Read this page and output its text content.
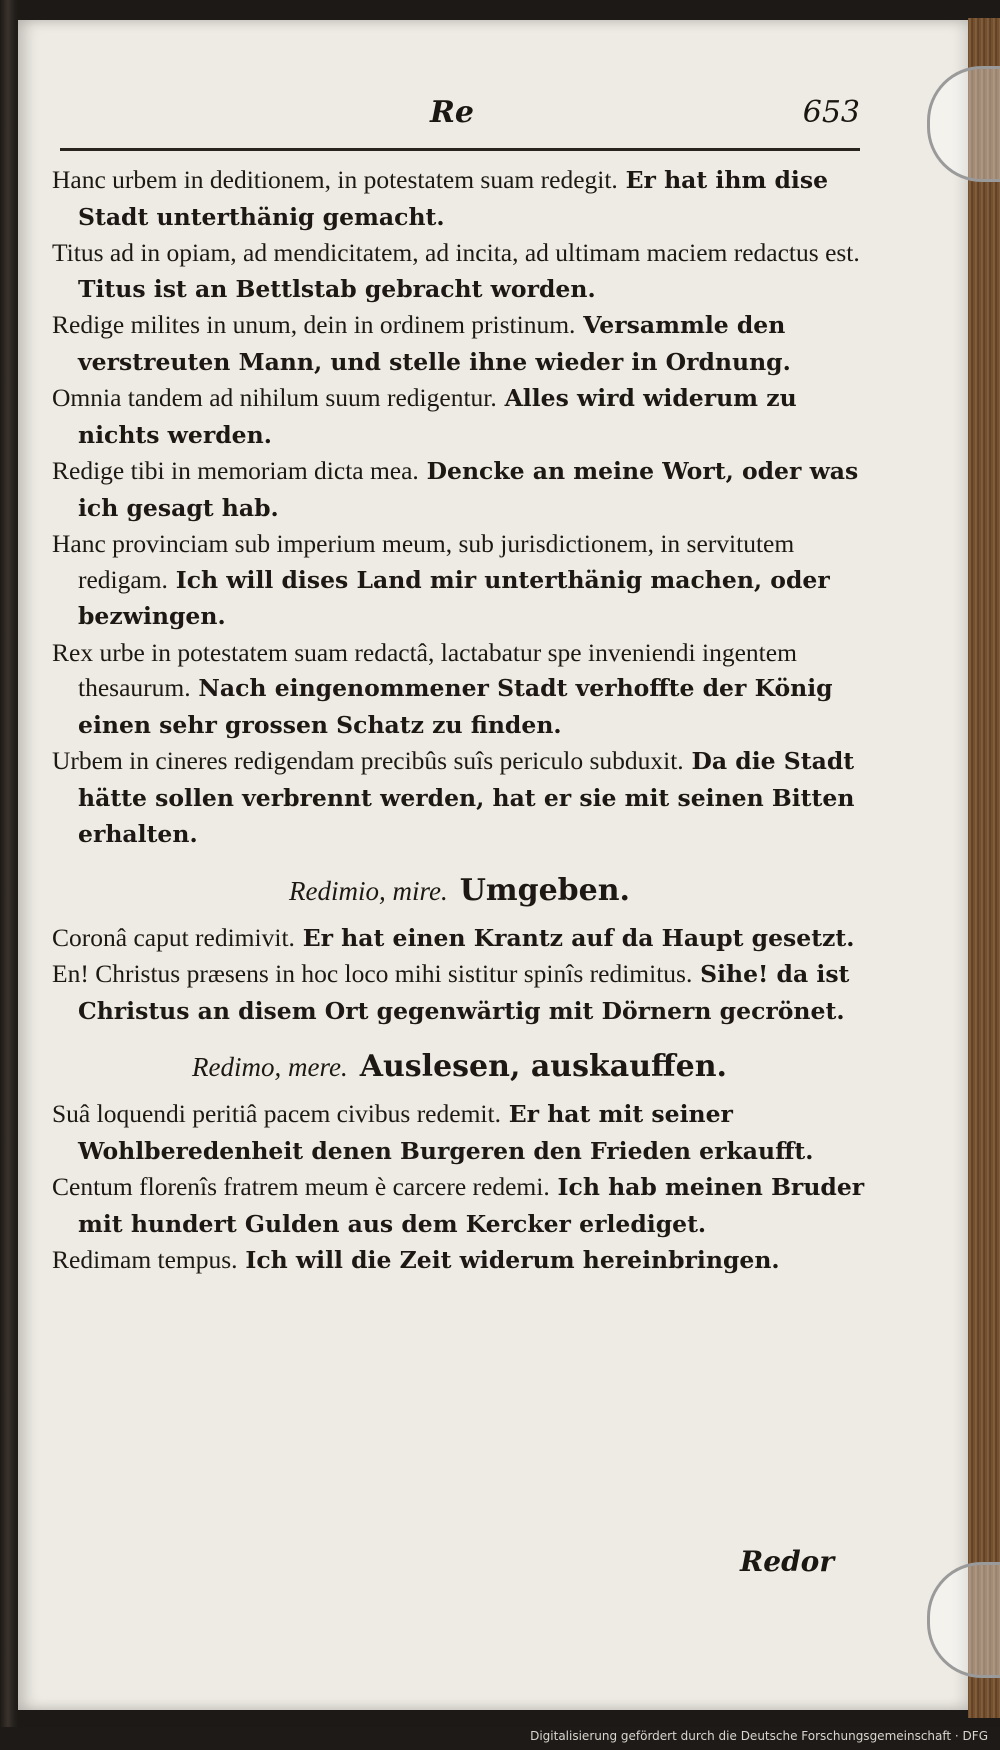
Re	653

Hanc urbem in deditionem, in potestatem suam redegit. Er hat ihm dise Stadt unterthänig gemacht.

Titus ad in opiam, ad mendicitatem, ad incita, ad ultimam maciem redactus est. Titus ist an Bettlstab gebracht worden.

Redige milites in unum, dein in ordinem pristinum. Versammle den verstreuten Mann, und stelle ihne wieder in Ordnung.

Omnia tandem ad nihilum suum redigentur. Alles wird widerum zu nichts werden.

Redige tibi in memoriam dicta mea. Dencke an meine Wort, oder was ich gesagt hab.

Hanc provinciam sub imperium meum, sub jurisdictionem, in servitutem redigam. Ich will dises Land mir unterthänig machen, oder bezwingen.

Rex urbe in potestatem suam redactâ, lactabatur spe inveniendi ingentem thesaurum. Nach eingenommener Stadt verhoffte der König einen sehr grossen Schatz zu finden.

Urbem in cineres redigendam precibûs suîs periculo subduxit. Da die Stadt hätte sollen verbrennt werden, hat er sie mit seinen Bitten erhalten.

Redimio, mire. Umgeben.

Coronâ caput redimivit. Er hat einen Krantz auf da Haupt gesetzt.

En! Christus præsens in hoc loco mihi sistitur spinîs redimitus. Sihe! da ist Christus an disem Ort gegenwärtig mit Dörnern gecrönet.

Redimo, mere. Auslesen, auskauffen.

Suâ loquendi peritiâ pacem civibus redemit. Er hat mit seiner Wohlberedenheit denen Burgeren den Frieden erkaufft.

Centum florenîs fratrem meum è carcere redemi. Ich hab meinen Bruder mit hundert Gulden aus dem Kercker erlediget.

Redimam tempus. Ich will die Zeit widerum hereinbringen.

Redor
Digitalisierung gefördert durch die Deutsche Forschungsgemeinschaft · DFG
